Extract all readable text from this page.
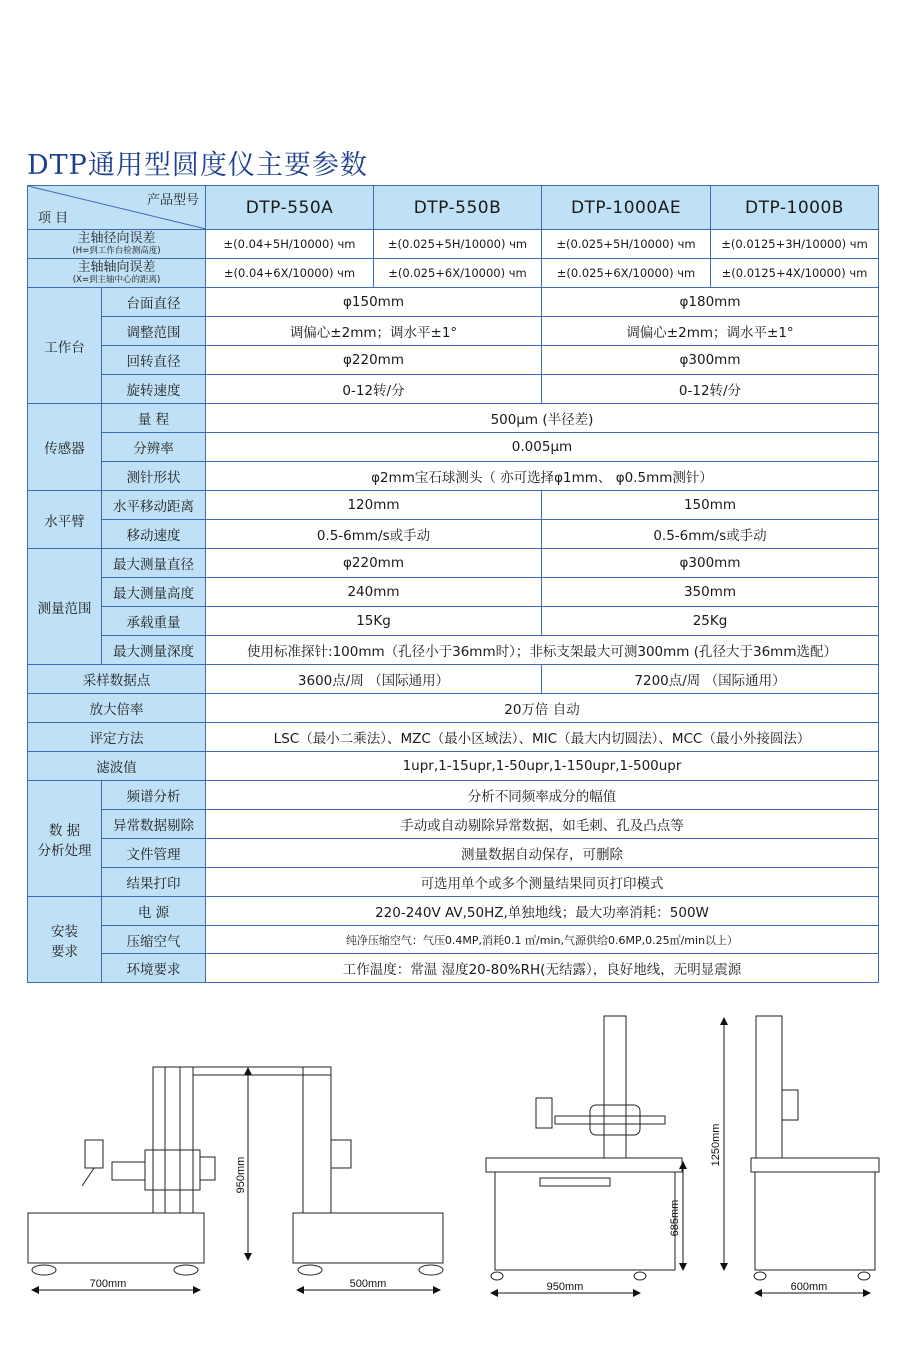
DTP通用型圆度仪主要参数
产品型号
项 目		DTP-550A	DTP-550B	DTP-1000AE	DTP-1000B

主轴径向误差
(H=到工作台检测高度)		±(0.04+5H/10000) чm	±(0.025+5H/10000) чm	±(0.025+5H/10000) чm	±(0.0125+3H/10000) чm

主轴轴向误差
(X=到主轴中心的距离)		±(0.04+6X/10000) чm	±(0.025+6X/10000) чm	±(0.025+6X/10000) чm	±(0.0125+4X/10000) чm
工作台	台面直径	φ150mm		φ180mm	
	调整范围	调偏心±2mm；调水平±1°		调偏心±2mm；调水平±1°	
	回转直径	φ220mm		φ300mm	
	旋转速度	0-12转/分		0-12转/分	
传感器	量 程	500μm (半径差)			
	分辨率	0.005μm			
	测针形状	φ2mm宝石球测头（ 亦可选择φ1mm、 φ0.5mm测针）			
水平臂	水平移动距离	120mm		150mm	
	移动速度	0.5-6mm/s或手动		0.5-6mm/s或手动	
测量范围	最大测量直径	φ220mm		φ300mm	
	最大测量高度	240mm		350mm	
	承载重量	15Kg		25Kg	
	最大测量深度	使用标准探针:100mm（孔径小于36mm时）；非标支架最大可测300mm (孔径大于36mm选配）			
采样数据点		3600点/周 （国际通用）		7200点/周 （国际通用）	
放大倍率		20万倍 自动			
评定方法		LSC（最小二乘法）、MZC（最小区域法）、MIC（最大内切圆法）、MCC（最小外接圆法）			
滤波值		1upr,1-15upr,1-50upr,1-150upr,1-500upr			

数 据
分析处理	频谱分析	分析不同频率成分的幅值			
	异常数据剔除	手动或自动剔除异常数据，如毛刺、孔及凸点等			
	文件管理	测量数据自动保存，可删除			
	结果打印	可选用单个或多个测量结果同页打印模式			

安装
要求	电 源	220-240V AV,50HZ,单独地线；最大功率消耗：500W			
	压缩空气	纯净压缩空气：气压0.4MP,消耗0.1 ㎥/min,气源供给0.6MP,0.25㎥/min以上）			
	环境要求	工作温度：常温 湿度20-80%RH(无结露），良好地线，无明显震源			
950mm
700mm	500mm
1250mm
685mm
950mm	600mm
